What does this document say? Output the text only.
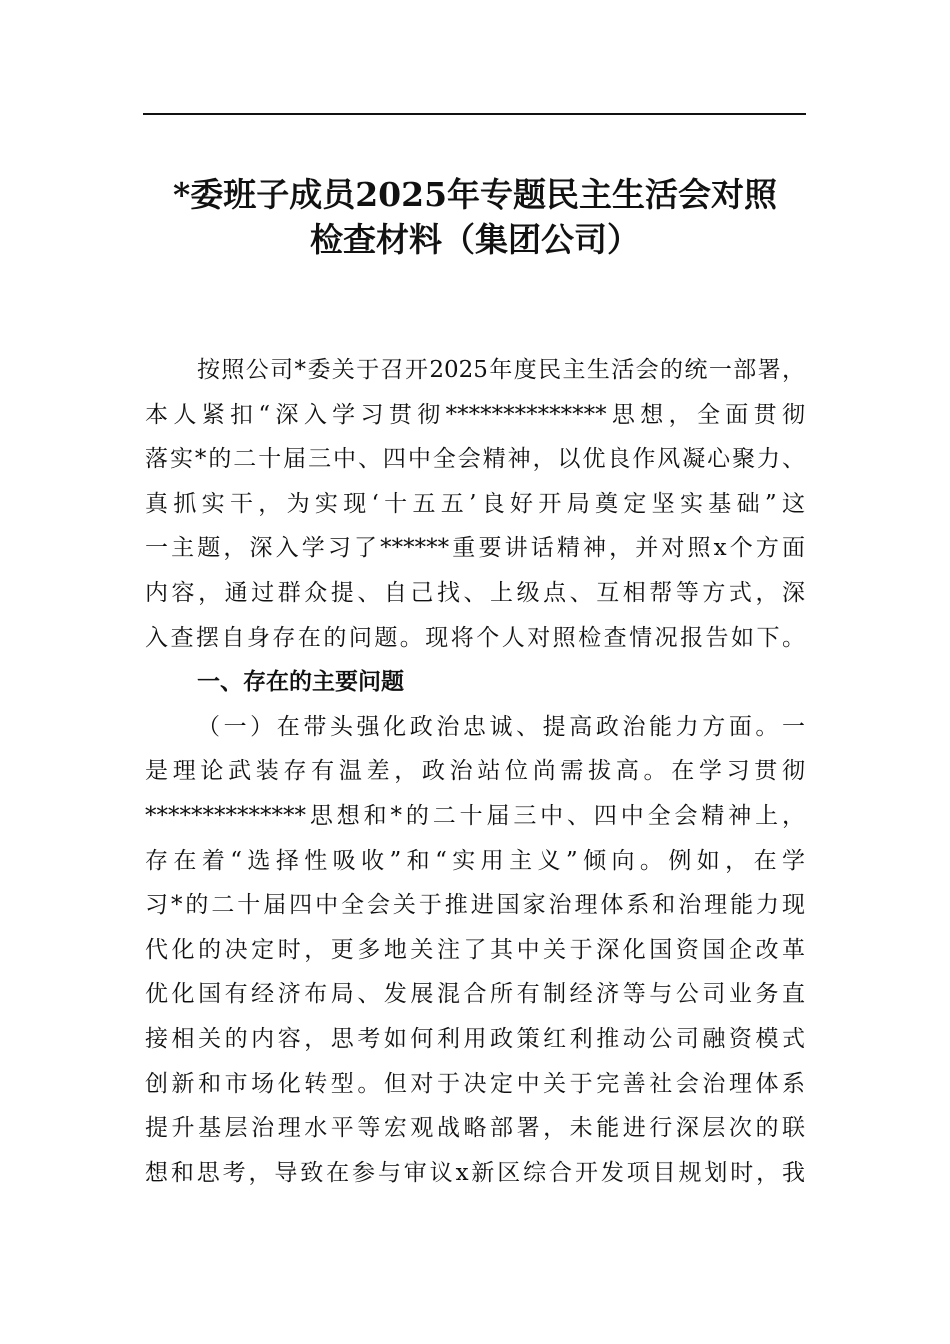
*委班子成员2025年专题民主生活会对照
检查材料（集团公司）
按照公司*委关于召开2025年度民主生活会的统一部署，
本人紧扣“深入学习贯彻**************思想，全面贯彻
落实*的二十届三中、四中全会精神，以优良作风凝心聚力、
真抓实干，为实现‘十五五’良好开局奠定坚实基础”这
一主题，深入学习了******重要讲话精神，并对照x个方面
内容，通过群众提、自己找、上级点、互相帮等方式，深
入查摆自身存在的问题。现将个人对照检查情况报告如下。
一、存在的主要问题
（一）在带头强化政治忠诚、提高政治能力方面。一
是理论武装存有温差，政治站位尚需拔高。在学习贯彻
**************思想和*的二十届三中、四中全会精神上，
存在着“选择性吸收”和“实用主义”倾向。例如，在学
习*的二十届四中全会关于推进国家治理体系和治理能力现
代化的决定时，更多地关注了其中关于深化国资国企改革
优化国有经济布局、发展混合所有制经济等与公司业务直
接相关的内容，思考如何利用政策红利推动公司融资模式
创新和市场化转型。但对于决定中关于完善社会治理体系
提升基层治理水平等宏观战略部署，未能进行深层次的联
想和思考，导致在参与审议x新区综合开发项目规划时，我
